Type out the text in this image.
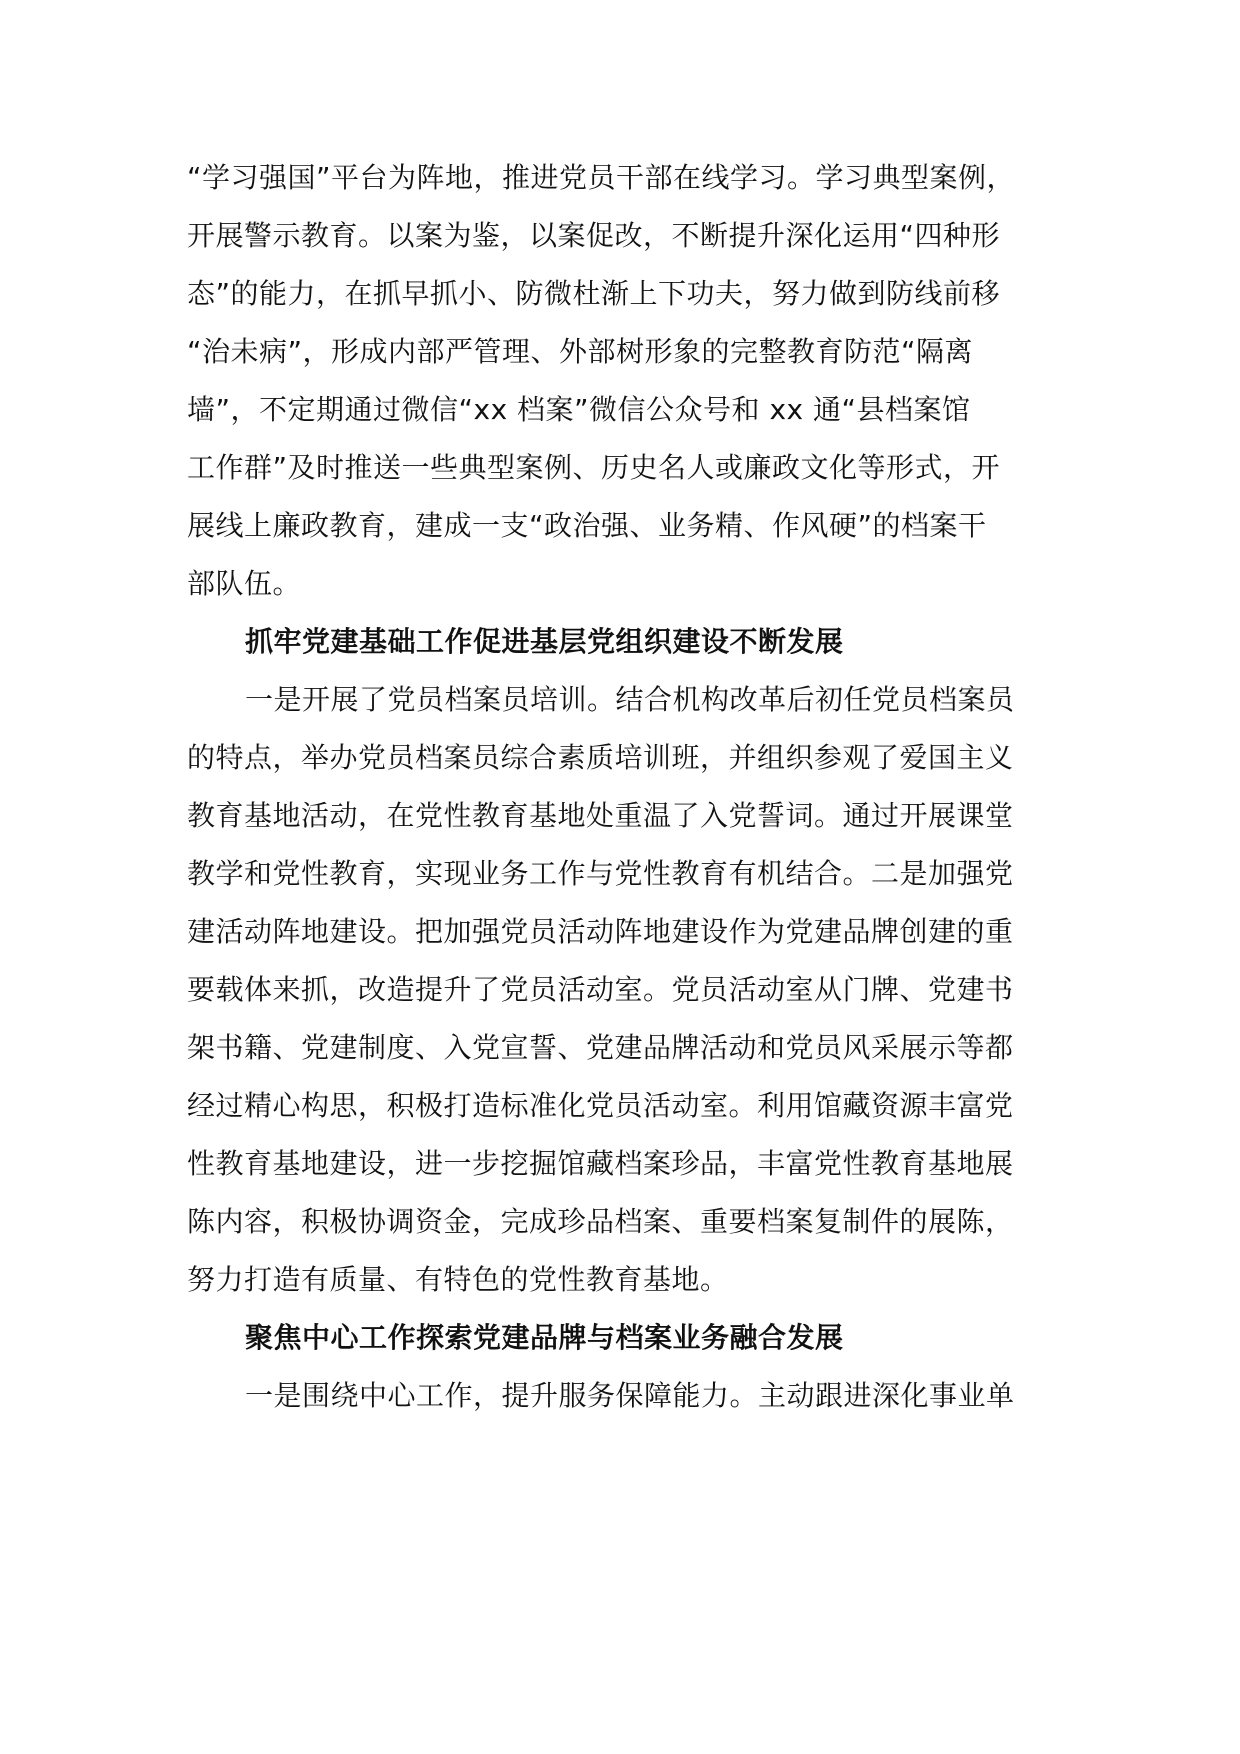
“学习强国”平台为阵地，推进党员干部在线学习。学习典型案例，
开展警示教育。以案为鉴，以案促改，不断提升深化运用“四种形
态”的能力，在抓早抓小、防微杜渐上下功夫，努力做到防线前移
“治未病”，形成内部严管理、外部树形象的完整教育防范“隔离
墙”，不定期通过微信“xx 档案”微信公众号和 xx 通“县档案馆
工作群”及时推送一些典型案例、历史名人或廉政文化等形式，开
展线上廉政教育，建成一支“政治强、业务精、作风硬”的档案干
部队伍。
抓牢党建基础工作促进基层党组织建设不断发展
一是开展了党员档案员培训。结合机构改革后初任党员档案员
的特点，举办党员档案员综合素质培训班，并组织参观了爱国主义
教育基地活动，在党性教育基地处重温了入党誓词。通过开展课堂
教学和党性教育，实现业务工作与党性教育有机结合。二是加强党
建活动阵地建设。把加强党员活动阵地建设作为党建品牌创建的重
要载体来抓，改造提升了党员活动室。党员活动室从门牌、党建书
架书籍、党建制度、入党宣誓、党建品牌活动和党员风采展示等都
经过精心构思，积极打造标准化党员活动室。利用馆藏资源丰富党
性教育基地建设，进一步挖掘馆藏档案珍品，丰富党性教育基地展
陈内容，积极协调资金，完成珍品档案、重要档案复制件的展陈，
努力打造有质量、有特色的党性教育基地。
聚焦中心工作探索党建品牌与档案业务融合发展
一是围绕中心工作，提升服务保障能力。主动跟进深化事业单
